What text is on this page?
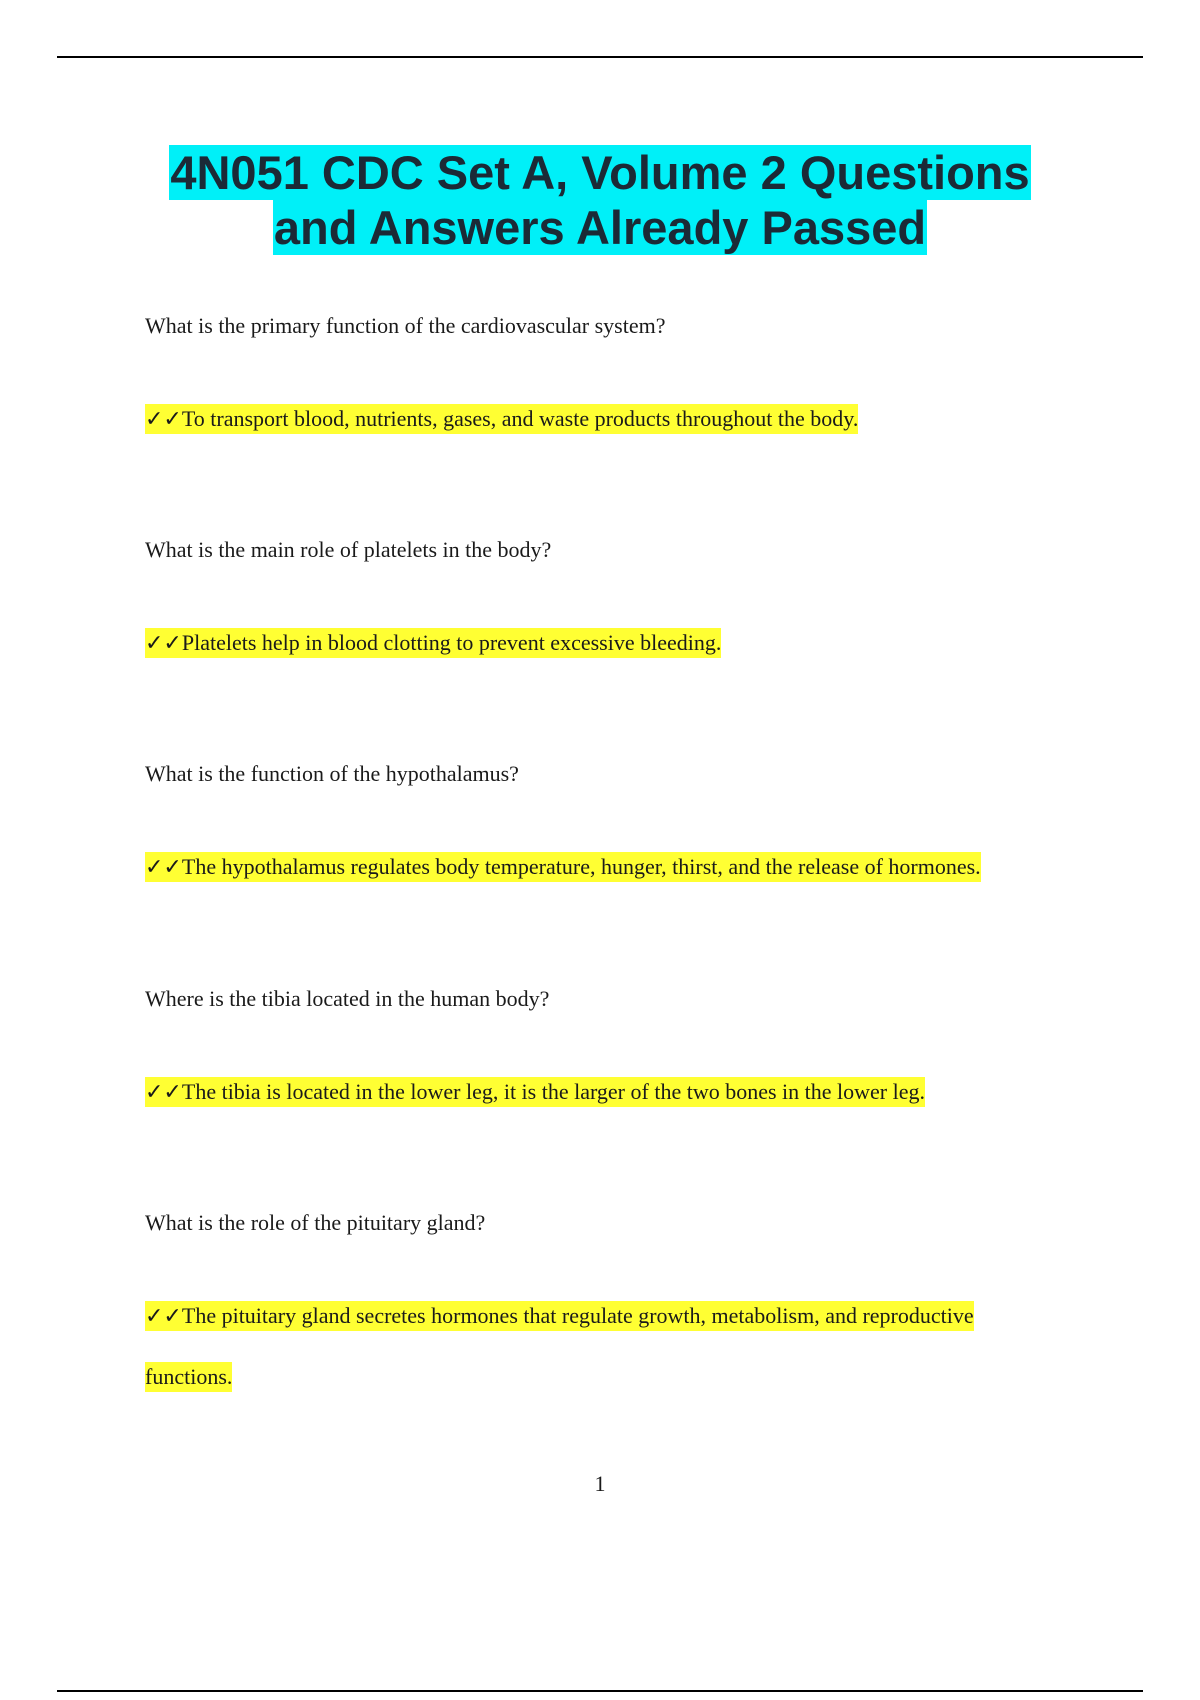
4N051 CDC Set A, Volume 2 Questions
and Answers Already Passed
What is the primary function of the cardiovascular system?
✓✓To transport blood, nutrients, gases, and waste products throughout the body.
What is the main role of platelets in the body?
✓✓Platelets help in blood clotting to prevent excessive bleeding.
What is the function of the hypothalamus?
✓✓The hypothalamus regulates body temperature, hunger, thirst, and the release of hormones.
Where is the tibia located in the human body?
✓✓The tibia is located in the lower leg, it is the larger of the two bones in the lower leg.
What is the role of the pituitary gland?
✓✓The pituitary gland secretes hormones that regulate growth, metabolism, and reproductive functions.
1
